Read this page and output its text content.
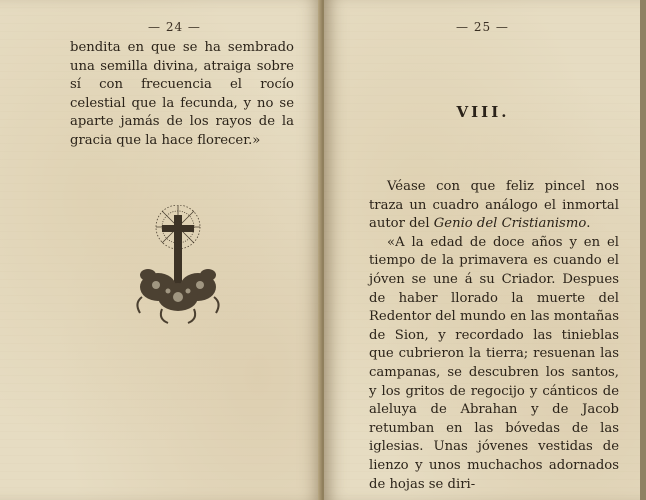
— 24 —

bendita en que se ha sembrado una semilla divina, atraiga sobre sí con frecuencia el rocío celestial que la fecunda, y no se aparte jamás de los rayos de la gracia que la hace florecer.»

— 25 —
VIII.

Véase con que feliz pincel nos traza un cuadro análogo el inmortal autor del Genio del Cristianismo.

«A la edad de doce años y en el tiempo de la primavera es cuando el jóven se une á su Criador. Despues de haber llorado la muerte del Redentor del mundo en las montañas de Sion, y recordado las tinieblas que cubrieron la tierra; resuenan las campanas, se descubren los santos, y los gritos de regocijo y cánticos de aleluya de Abrahan y de Jacob retumban en las bóvedas de las iglesias. Unas jóvenes vestidas de lienzo y unos muchachos adornados de hojas se diri-
